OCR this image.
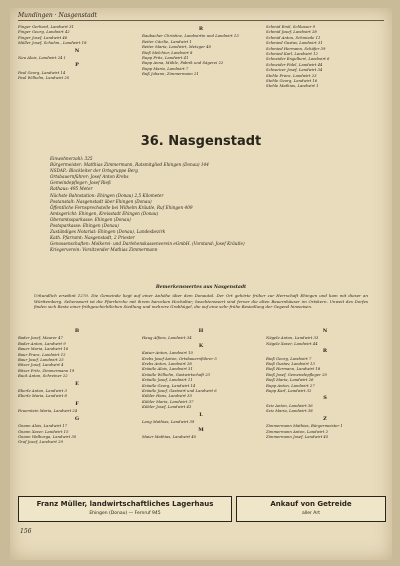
Mundingen · Nasgenstadt
Finger Gerhard, Landwirt 31
Finger Georg, Landwirt 42
Finger Josef, Landwirt 46
Müller Josef, Schuhm., Landwirt 18
N
Neu Alois, Landwirt 24 I
P
Paul Georg, Landwirt 14
Paul Wilhelm, Landwirt 20
R
Raubacher Christine, Landwirtin und Landwirt 13
Reiter Cäcilie, Landwirt 1
Reiter Maria, Landwirt, Metzger 40
Rieß Melchior, Landwirt 8
Rupp Fritz, Landwirt 41
Rupp Anna, Mühle, Fabrik und Sägerei 22
Rupp Maria, Landwirt 7
Ruß Johann, Zimmermann 21
Schmid Emil, Schlosser 9
Schmid Josef, Landwirt 28
Schmid Anton, Schmiede 11
Schmied Gustav, Landwirt 31
Schmied Hermann, Schäfer 39
Schmied Karl, Landwirt 12
Schneider Engelbert, Landwirt 6
Schneider Fidel, Landwirt 44
Schweizer Josef, Landwirt 34
Stehle Franz, Landwirt 23
Stehle Georg, Landwirt 16
Stehle Mathias, Landwirt 1
36. Nasgenstadt
Einwohnerzahl: 325
Bürgermeister: Matthias Zimmermann, Ratsmitglied Ehingen (Donau) 144
NSDAP.: Blockleiter der Ortsgruppe Berg
Ortsbauernführer: Josef Anton Krebs
Gemeindepfleger: Josef Rieß
Rathaus: 495 Meter
Nächste Bahnstation: Ehingen (Donau) 2,5 Kilometer
Postanstalt: Nasgenstadt über Ehingen (Donau)
Öffentliche Fernsprechstelle bei Wilhelm Kräutle, Ruf Ehingen 409
Amtsgericht: Ehingen, Kreisstadt Ehingen (Donau)
Oberamtssparkasse: Ehingen (Donau)
Postsparkasse: Ehingen (Donau)
Zuständiges Notariat: Ehingen (Donau), Landesbezirk
Kath. Pfarramt: Nasgenstadt, 2 Priester
Genossenschaften: Molkerei- und Darlehenskassenverein eGmbH. (Vorstand: Josef Kräutle)
Kriegerverein: Vorsitzender Mathias Zimmermann
Bemerkenswertes aus Nasgenstadt
Urkundlich erwähnt 1270. Die Gemeinde liegt auf einer Anhöhe über dem Donautal. Der Ort gehörte früher zur Herrschaft Ehingen und kam mit dieser an Württemberg. Sehenswert ist die Pfarrkirche mit ihrem barocken Hochaltar; beachtenswert sind ferner die alten Bauernhäuser im Ortskern. Unweit des Dorfes finden sich Reste einer frühgeschichtlichen Siedlung und mehrere Grabhügel, die auf eine sehr frühe Besiedlung der Gegend hinweisen.
B
Bader Josef, Maurer 47
Bader Anton, Landwirt 9
Bauer Maria, Landwirt 16
Baur Franz, Landwirt 12
Baur Josef, Landwirt 25
Bitzer Josef, Landwirt 4
Bitzer Fritz, Zimmermann 19
Buck Anton, Schreiner 22
E
Eberle Anton, Landwirt 3
Eberle Maria, Landwirt 8
F
Feuerstein Maria, Landwirt 24
G
Gnann Alois, Landwirt 17
Gnann Xaver, Landwirt 15
Gnann Walburga, Landwirt 30
Graf Josef, Landwirt 29
H
Haug Alfons, Landwirt 34
K
Kaiser Anton, Landwirt 10
Krebs Josef Anton, Ortsbauernführer 5
Krebs Anton, Landwirt 28
Kräutle Alois, Landwirt 31
Kräutle Wilhelm, Gastwirtschaft 23
Kräutle Josef, Landwirt 11
Kräutle Georg, Landwirt 14
Kräutle Josef, Gastwirt und Landwirt 6
Kübler Hans, Landwirt 35
Kübler Maria, Landwirt 37
Kübler Josef, Landwirt 43
L
Lang Mathias, Landwirt 39
M
Maier Mathias, Landwirt 40
N
Nägele Anton, Landwirt 33
Nägele Xaver, Landwirt 44
R
Rieß Georg, Landwirt 7
Rieß Gustav, Landwirt 13
Rieß Hermann, Landwirt 18
Rieß Josef, Gemeindepfleger 20
Rieß Maria, Landwirt 26
Rupp Anton, Landwirt 27
Rupp Karl, Landwirt 32
S
Seiz Anton, Landwirt 36
Seiz Maria, Landwirt 38
Z
Zimmermann Mathias, Bürgermeister 1
Zimmermann Anton, Landwirt 2
Zimmermann Josef, Landwirt 45
Franz Müller, landwirtschaftliches Lagerhaus
Ehingen (Donau) — Fernruf 945
Ankauf von Getreide
aller Art
156
